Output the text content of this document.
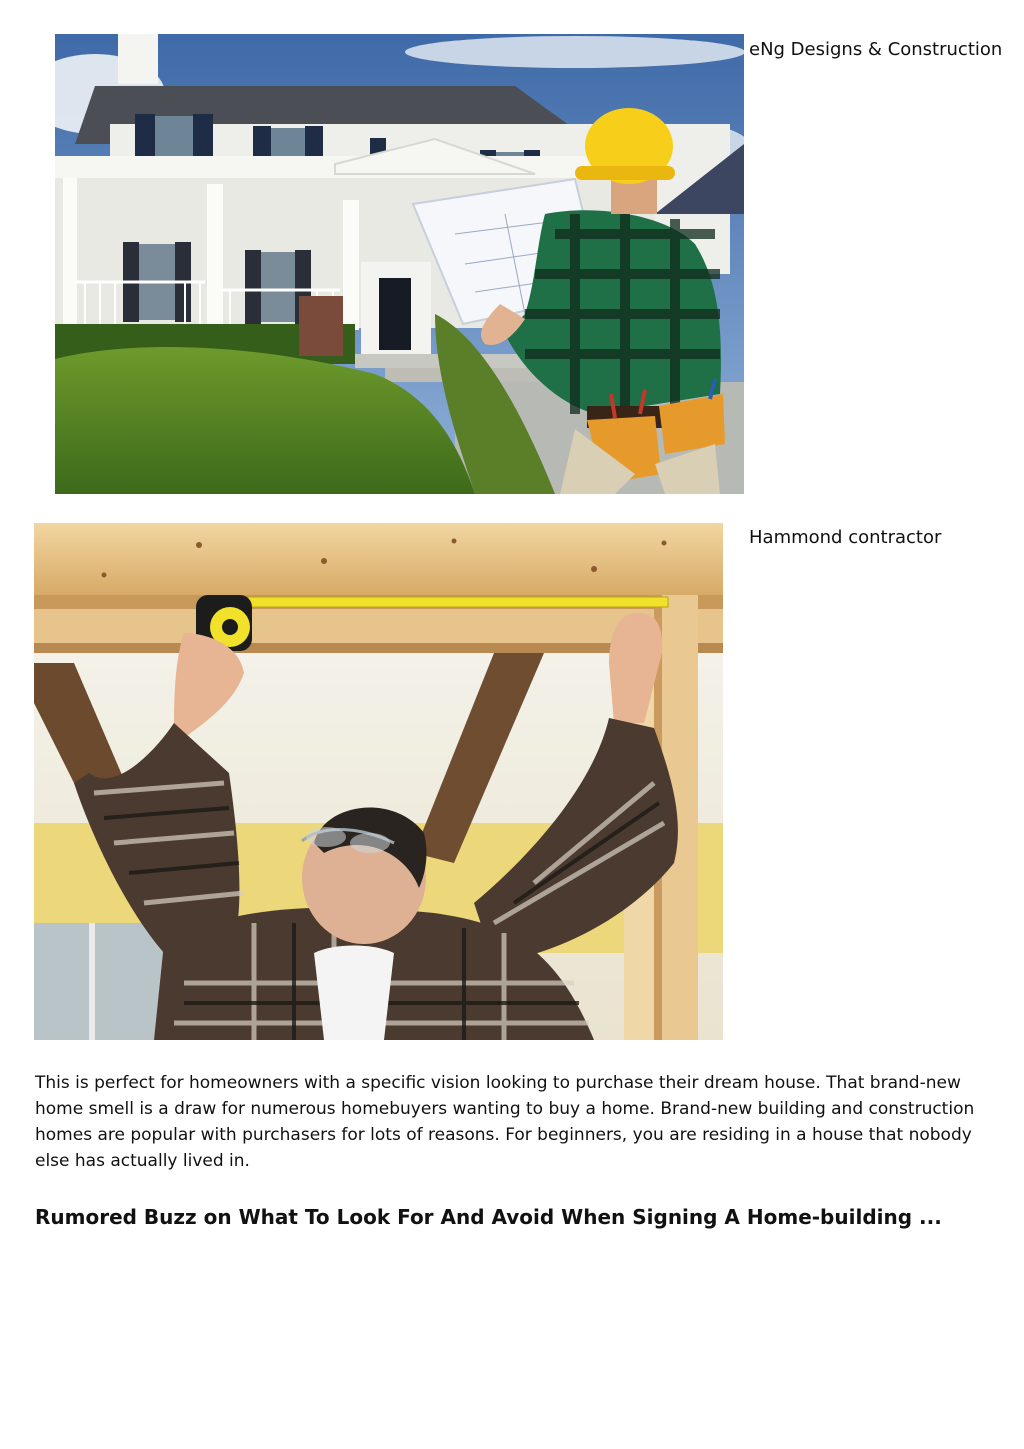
eNg Designs & Construction
Hammond contractor

This is perfect for homeowners with a specific vision looking to purchase their dream house. That brand-new home smell is a draw for numerous homebuyers wanting to buy a home. Brand-new building and construction homes are popular with purchasers for lots of reasons. For beginners, you are residing in a house that nobody else has actually lived in.

Rumored Buzz on What To Look For And Avoid When Signing A Home-building ...
